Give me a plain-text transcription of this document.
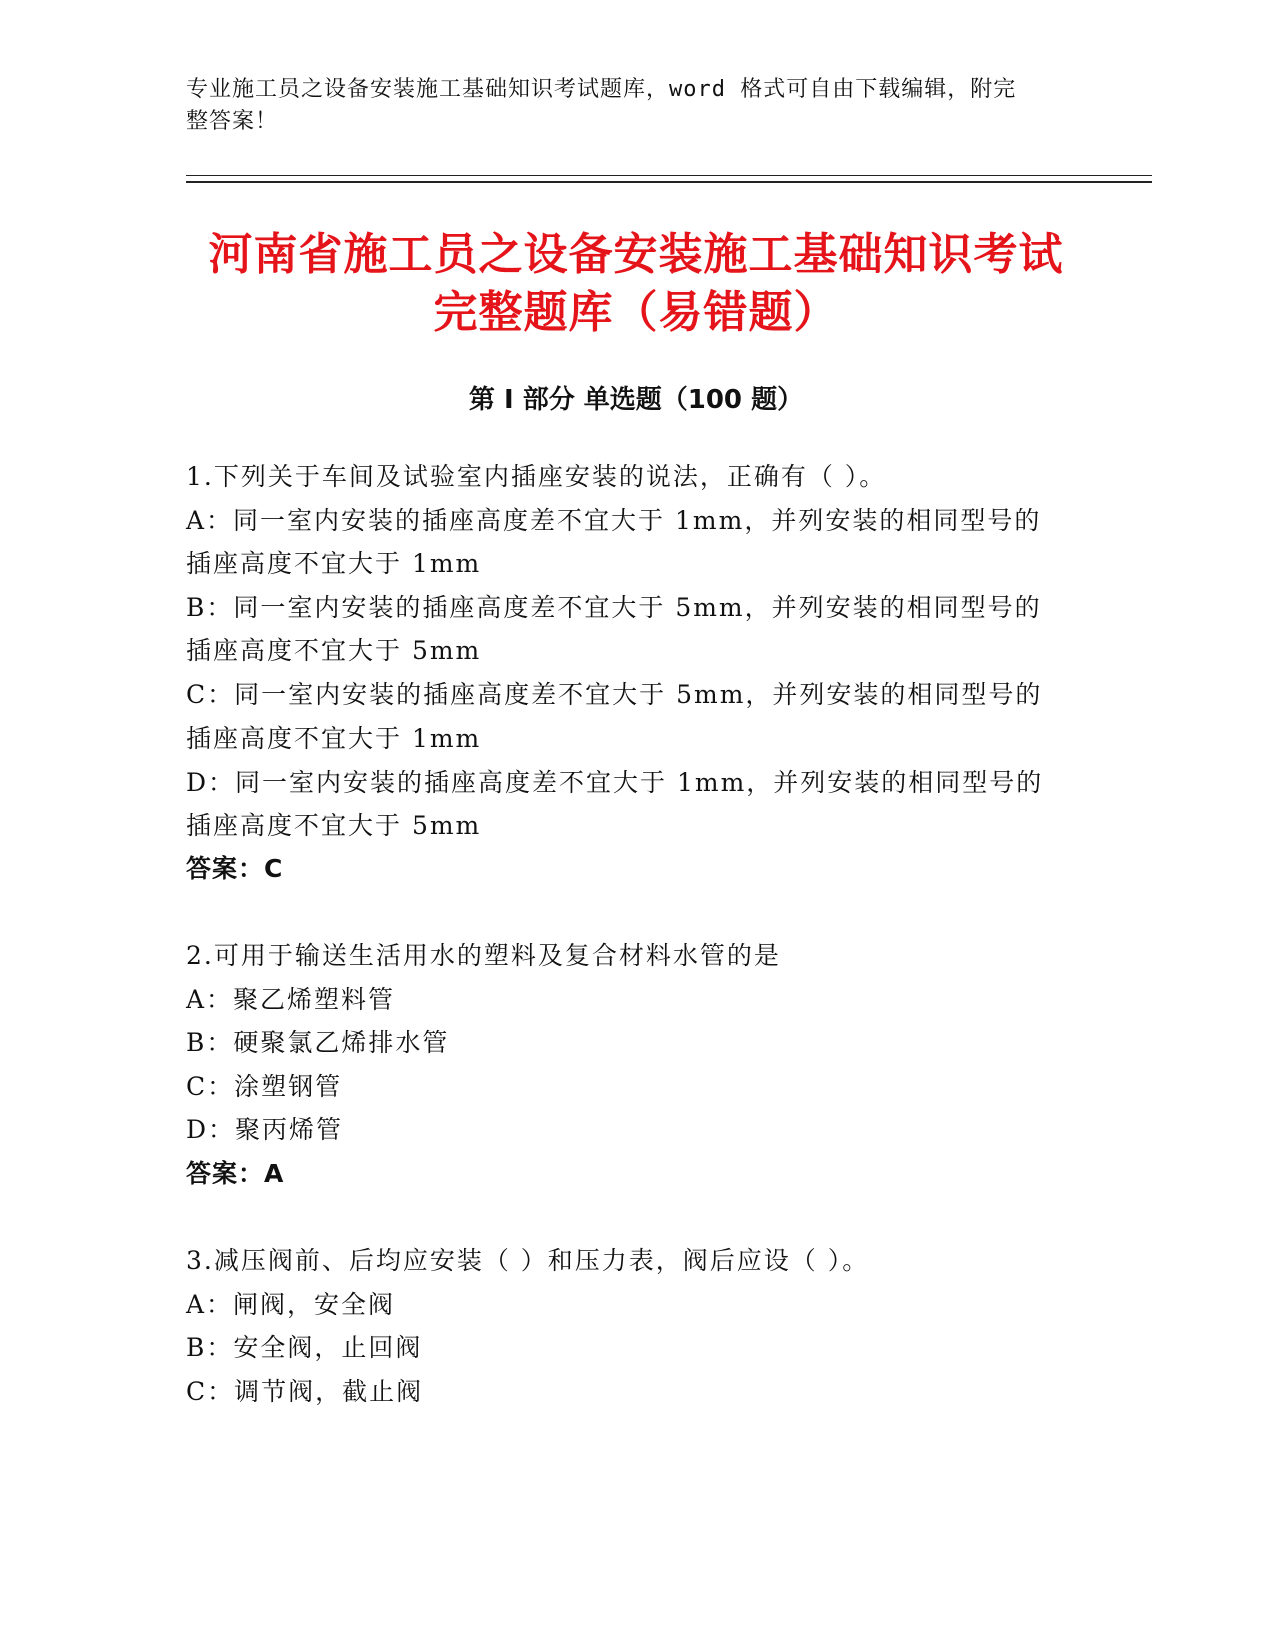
专业施工员之设备安装施工基础知识考试题库，word 格式可自由下载编辑，附完
整答案！
河南省施工员之设备安装施工基础知识考试
完整题库（易错题）
第 I 部分 单选题（100 题）
1.下列关于车间及试验室内插座安装的说法，正确有（ ）。
A：同一室内安装的插座高度差不宜大于 1mm，并列安装的相同型号的
插座高度不宜大于 1mm
B：同一室内安装的插座高度差不宜大于 5mm，并列安装的相同型号的
插座高度不宜大于 5mm
C：同一室内安装的插座高度差不宜大于 5mm，并列安装的相同型号的
插座高度不宜大于 1mm
D：同一室内安装的插座高度差不宜大于 1mm，并列安装的相同型号的
插座高度不宜大于 5mm
答案：C
2.可用于输送生活用水的塑料及复合材料水管的是
A：聚乙烯塑料管
B：硬聚氯乙烯排水管
C：涂塑钢管
D：聚丙烯管
答案：A
3.减压阀前、后均应安装（ ）和压力表，阀后应设（ ）。
A：闸阀，安全阀
B：安全阀，止回阀
C：调节阀，截止阀
